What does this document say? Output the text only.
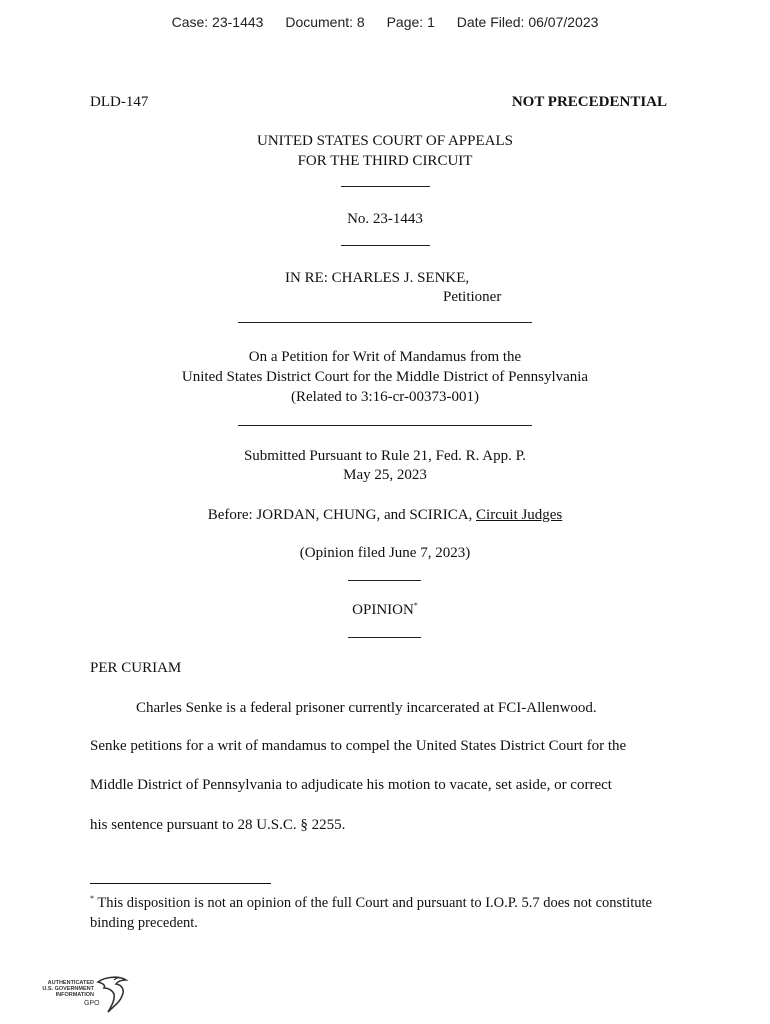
Case: 23-1443 Document: 8 Page: 1 Date Filed: 06/07/2023
DLD-147	NOT PRECEDENTIAL
UNITED STATES COURT OF APPEALS
FOR THE THIRD CIRCUIT
No. 23-1443
IN RE: CHARLES J. SENKE,
Petitioner
On a Petition for Writ of Mandamus from the
United States District Court for the Middle District of Pennsylvania
(Related to 3:16-cr-00373-001)
Submitted Pursuant to Rule 21, Fed. R. App. P.
May 25, 2023
Before: JORDAN, CHUNG, and SCIRICA, Circuit Judges
(Opinion filed June 7, 2023)
OPINION*
PER CURIAM
Charles Senke is a federal prisoner currently incarcerated at FCI-Allenwood.
Senke petitions for a writ of mandamus to compel the United States District Court for the
Middle District of Pennsylvania to adjudicate his motion to vacate, set aside, or correct
his sentence pursuant to 28 U.S.C. § 2255.
* This disposition is not an opinion of the full Court and pursuant to I.O.P. 5.7 does not constitute binding precedent.
AUTHENTICATED
U.S. GOVERNMENT
INFORMATION
GPO
